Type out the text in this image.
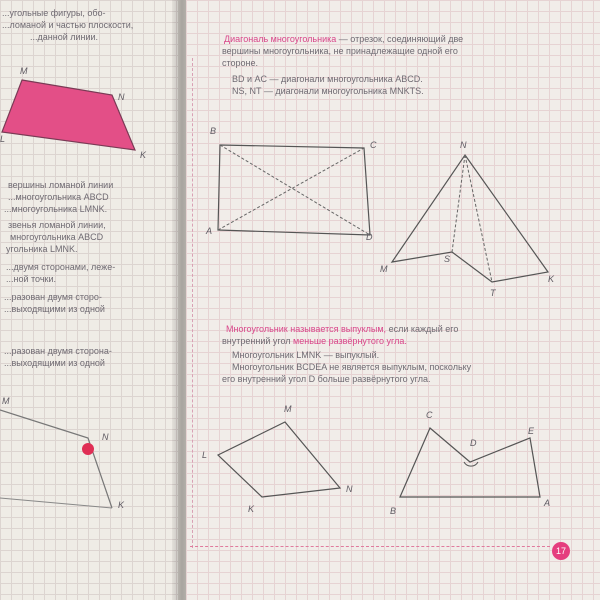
...угольные фигуры, обо-
...ломаной и частью плоскости,
...данной линии.
M
N
L
K
вершины ломаной линии
...многоугольника ABCD
...многоугольника LMNK.
звенья ломаной линии,
многоугольника ABCD
угольника LMNK.
...двумя сторонами, леже-
...ной точки.
...разован двумя сторо-
...выходящими из одной
...разован двумя сторона-
...выходящими из одной
M
N
K
Диагональ многоугольника — отрезок, соединяющий две
вершины многоугольника, не принадлежащие одной его
стороне.
BD и AC — диагонали многоугольника ABCD.
NS, NT — диагонали многоугольника MNKTS.
B
C
A
D
N
M
S
T
K
Многоугольник называется выпуклым, если каждый его
внутренний угол меньше развёрнутого угла.
Многоугольник LMNK — выпуклый.
Многоугольник BCDEA не является выпуклым, поскольку
его внутренний угол D больше развёрнутого угла.
M
L
N
K
C
D
E
B
A
17
